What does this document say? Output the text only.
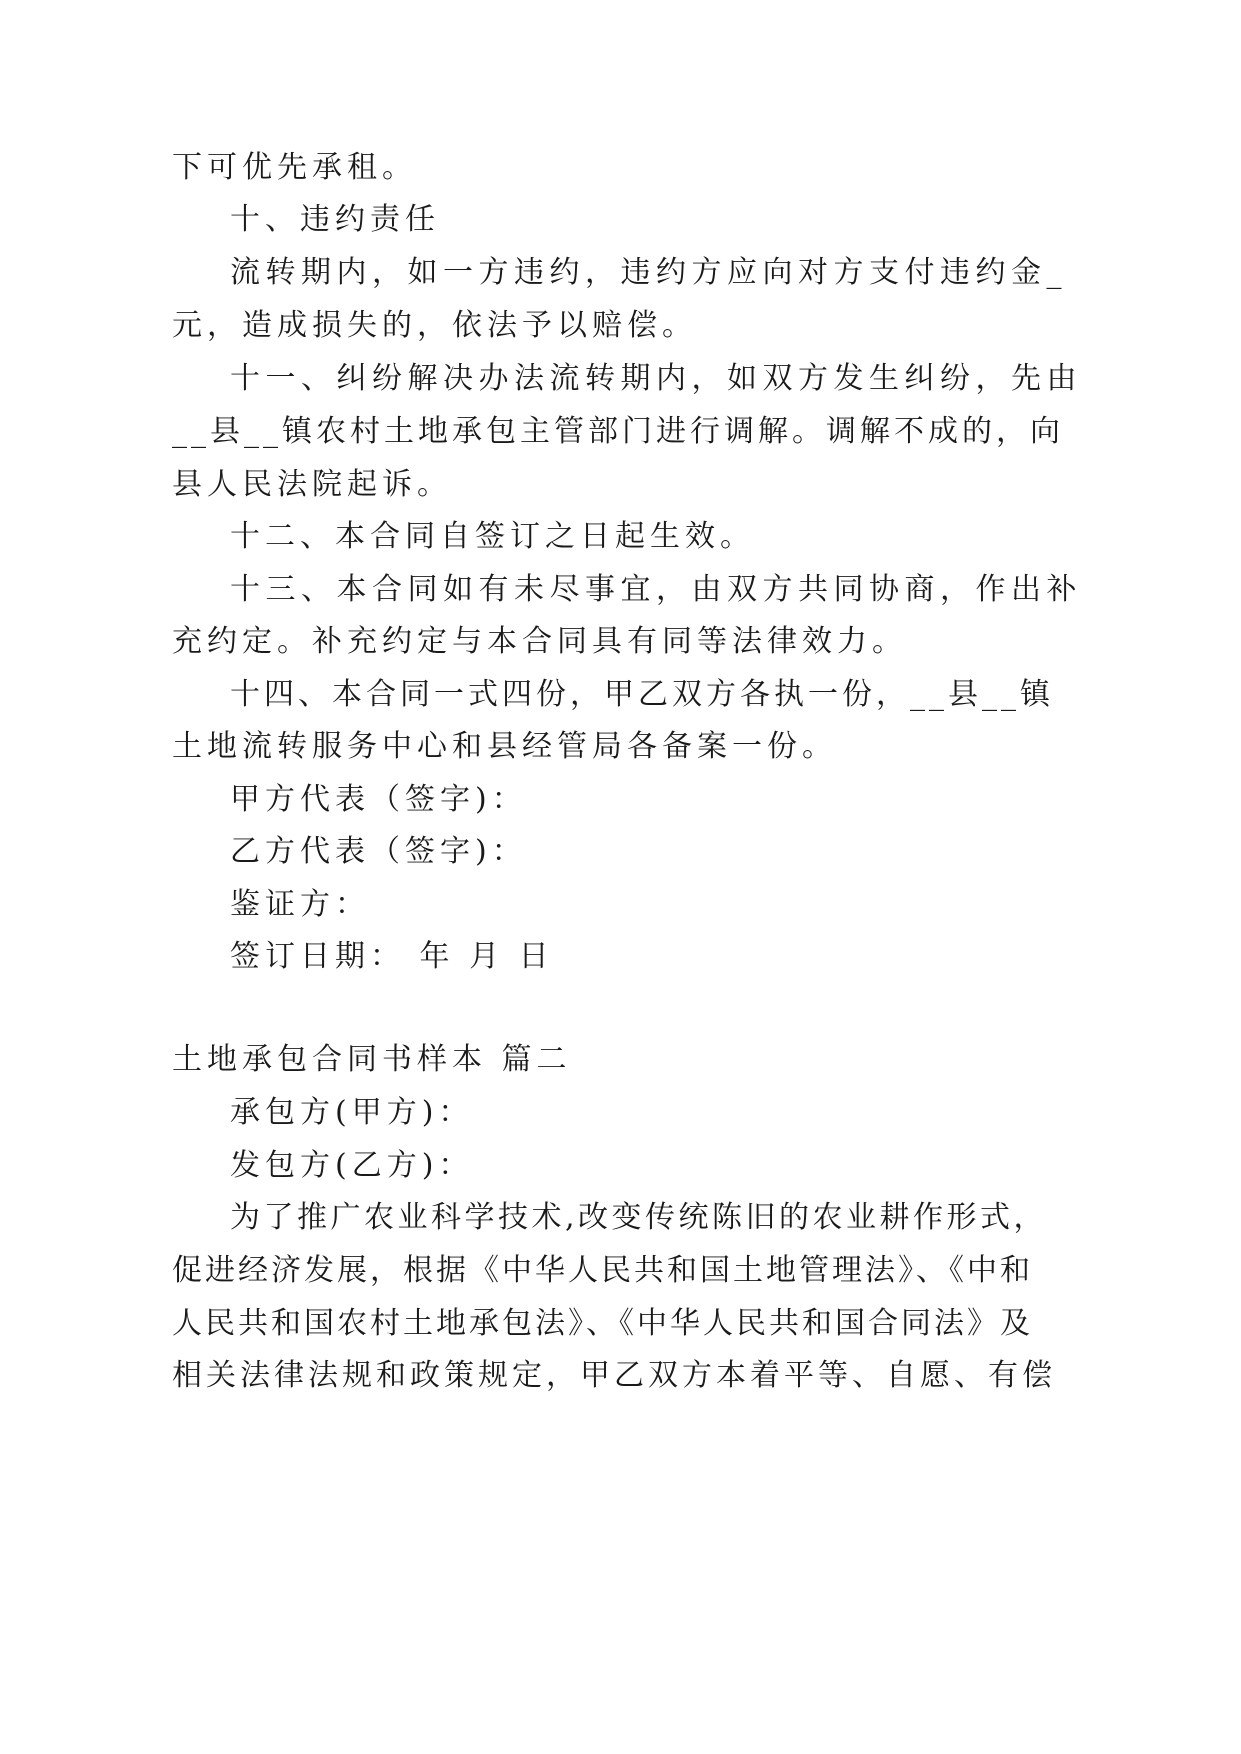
下可优先承租。
十、违约责任
流转期内，如一方违约，违约方应向对方支付违约金_
元，造成损失的，依法予以赔偿。
十一、纠纷解决办法流转期内，如双方发生纠纷，先由
__县__镇农村土地承包主管部门进行调解。调解不成的，向
县人民法院起诉。
十二、本合同自签订之日起生效。
十三、本合同如有未尽事宜，由双方共同协商，作出补
充约定。补充约定与本合同具有同等法律效力。
十四、本合同一式四份，甲乙双方各执一份，__县__镇
土地流转服务中心和县经管局各备案一份。
甲方代表（签字)：
乙方代表（签字)：
鉴证方：
签订日期： 年 月 日
土地承包合同书样本 篇二
承包方(甲方)：
发包方(乙方)：
为了推广农业科学技术,改变传统陈旧的农业耕作形式，
促进经济发展，根据《中华人民共和国土地管理法》、《中和
人民共和国农村土地承包法》、《中华人民共和国合同法》及
相关法律法规和政策规定，甲乙双方本着平等、自愿、有偿
